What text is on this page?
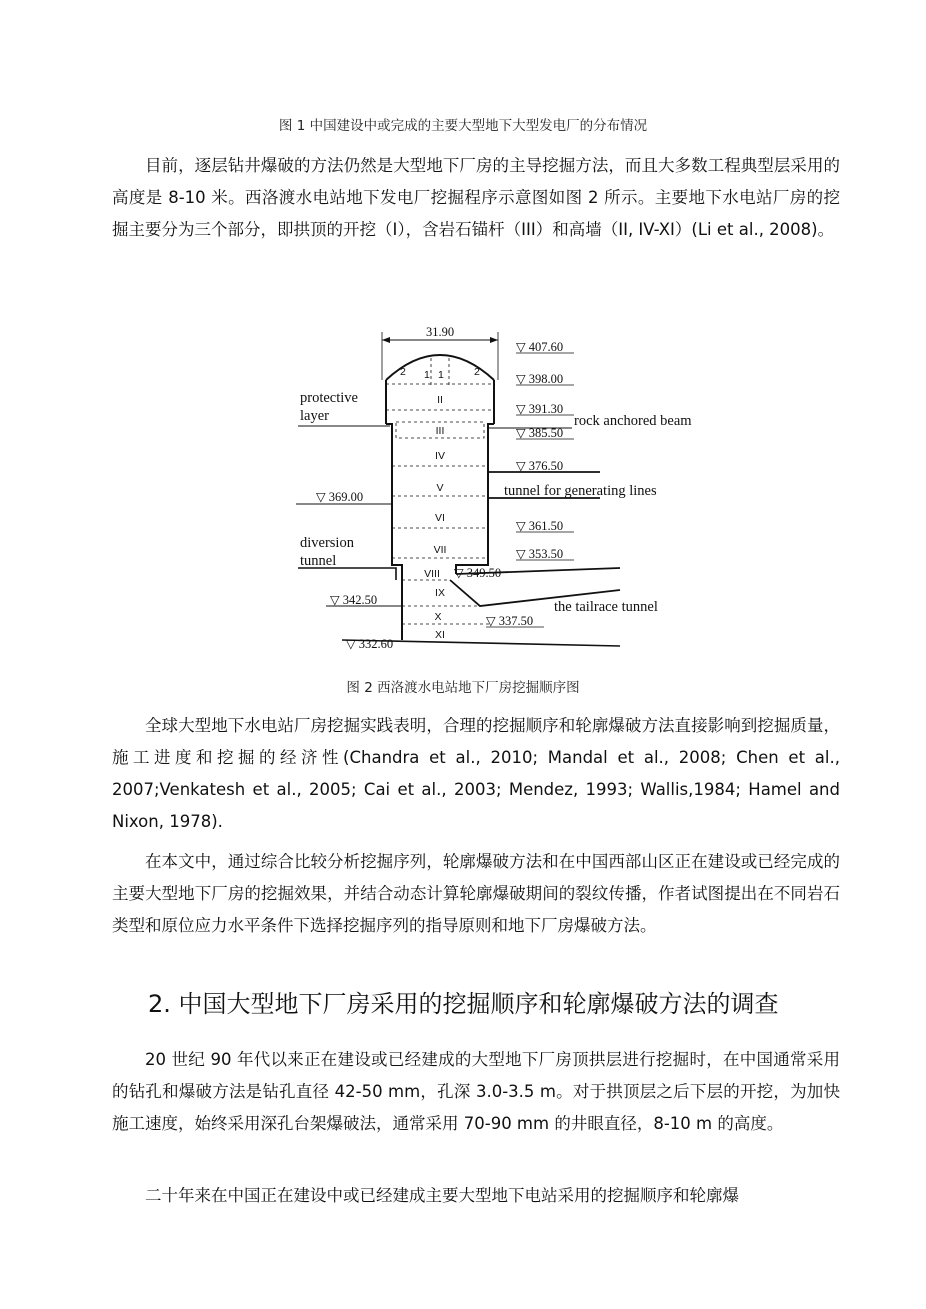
图 1 中国建设中或完成的主要大型地下大型发电厂的分布情况

目前，逐层钻井爆破的方法仍然是大型地下厂房的主导挖掘方法，而且大多数工程典型层采用的高度是 8-10 米。西洛渡水电站地下发电厂挖掘程序示意图如图 2 所示。主要地下水电站厂房的挖掘主要分为三个部分，即拱顶的开挖（I），含岩石锚杆（III）和高墙（II, IV-XI）(Li et al., 2008)。

31.90
2 1 1	2
II
III
IV
V
VI
VII
VIII
IX
X
XI
protective
layer
▽ 369.00
diversion
tunnel
▽ 342.50
▽ 332.60
▽ 407.60
▽ 398.00
▽ 391.30
rock anchored beam
▽ 385.50
▽ 376.50
tunnel for generating lines
▽ 361.50
▽ 353.50
▽ 349.50
the tailrace tunnel
▽ 337.50
图 2 西洛渡水电站地下厂房挖掘顺序图

全球大型地下水电站厂房挖掘实践表明，合理的挖掘顺序和轮廓爆破方法直接影响到挖掘质量，施工进度和挖掘的经济性(Chandra et al., 2010; Mandal et al., 2008; Chen et al., 2007;Venkatesh et al., 2005; Cai et al., 2003; Mendez, 1993; Wallis,1984; Hamel and Nixon, 1978).

在本文中，通过综合比较分析挖掘序列，轮廓爆破方法和在中国西部山区正在建设或已经完成的主要大型地下厂房的挖掘效果，并结合动态计算轮廓爆破期间的裂纹传播，作者试图提出在不同岩石类型和原位应力水平条件下选择挖掘序列的指导原则和地下厂房爆破方法。

2. 中国大型地下厂房采用的挖掘顺序和轮廓爆破方法的调查

20 世纪 90 年代以来正在建设或已经建成的大型地下厂房顶拱层进行挖掘时，在中国通常采用的钻孔和爆破方法是钻孔直径 42-50 mm，孔深 3.0-3.5 m。对于拱顶层之后下层的开挖，为加快施工速度，始终采用深孔台架爆破法，通常采用 70-90 mm 的井眼直径，8-10 m 的高度。

二十年来在中国正在建设中或已经建成主要大型地下电站采用的挖掘顺序和轮廓爆
